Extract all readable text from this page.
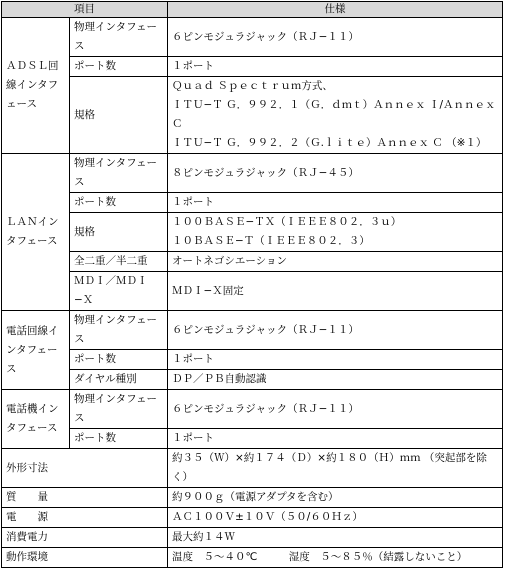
項目		仕様
ＡＤＳＬ回線インタフェース	物理インタフェース	６ピンモジュラジャック（ＲＪ−１１）
	ポート数	１ポート
	規格	Ｑｕａｄ Ｓｐｅｃｔｒｕｍ方式、
ＩＴＵ−Ｔ Ｇ．９９２．１（Ｇ．ｄｍｔ）Ａｎｎｅｘ Ｉ/Ａｎｎｅｘ Ｃ
ＩＴＵ−Ｔ Ｇ．９９２．２（Ｇ.ｌｉｔｅ）Ａｎｎｅｘ Ｃ （※１）

ＬＡＮインタフェース	物理インタフェース	８ピンモジュラジャック（ＲＪ−４５）
	ポート数	１ポート
	規格	１００ＢＡＳＥ−ＴＸ（ＩＥＥＥ８０２．３ｕ）
１０ＢＡＳＥ−Ｔ（ＩＥＥＥ８０２．３）

	全二重／半二重	オートネゴシエーション
	ＭＤＩ／ＭＤＩ−Ｘ	ＭＤＩ−Ｘ固定
電話回線インタフェース	物理インタフェース	６ピンモジュラジャック（ＲＪ−１１）
	ポート数	１ポート
	ダイヤル種別	ＤＰ／ＰＢ自動認識
電話機インタフェース	物理インタフェース	６ピンモジュラジャック（ＲＪ−１１）
	ポート数	１ポート
外形寸法		約３５（Ｗ）×約１７４（Ｄ）×約１８０（Ｈ）ｍｍ （突起部を除く）
質　　量		約９００ｇ（電源アダプタを含む）
電　　源		ＡＣ１００Ｖ±１０Ｖ（５０/６０Ｈｚ）
消費電力		最大約１４Ｗ
動作環境		温度　５〜４０℃　　　湿度　５〜８５％（結露しないこと）
